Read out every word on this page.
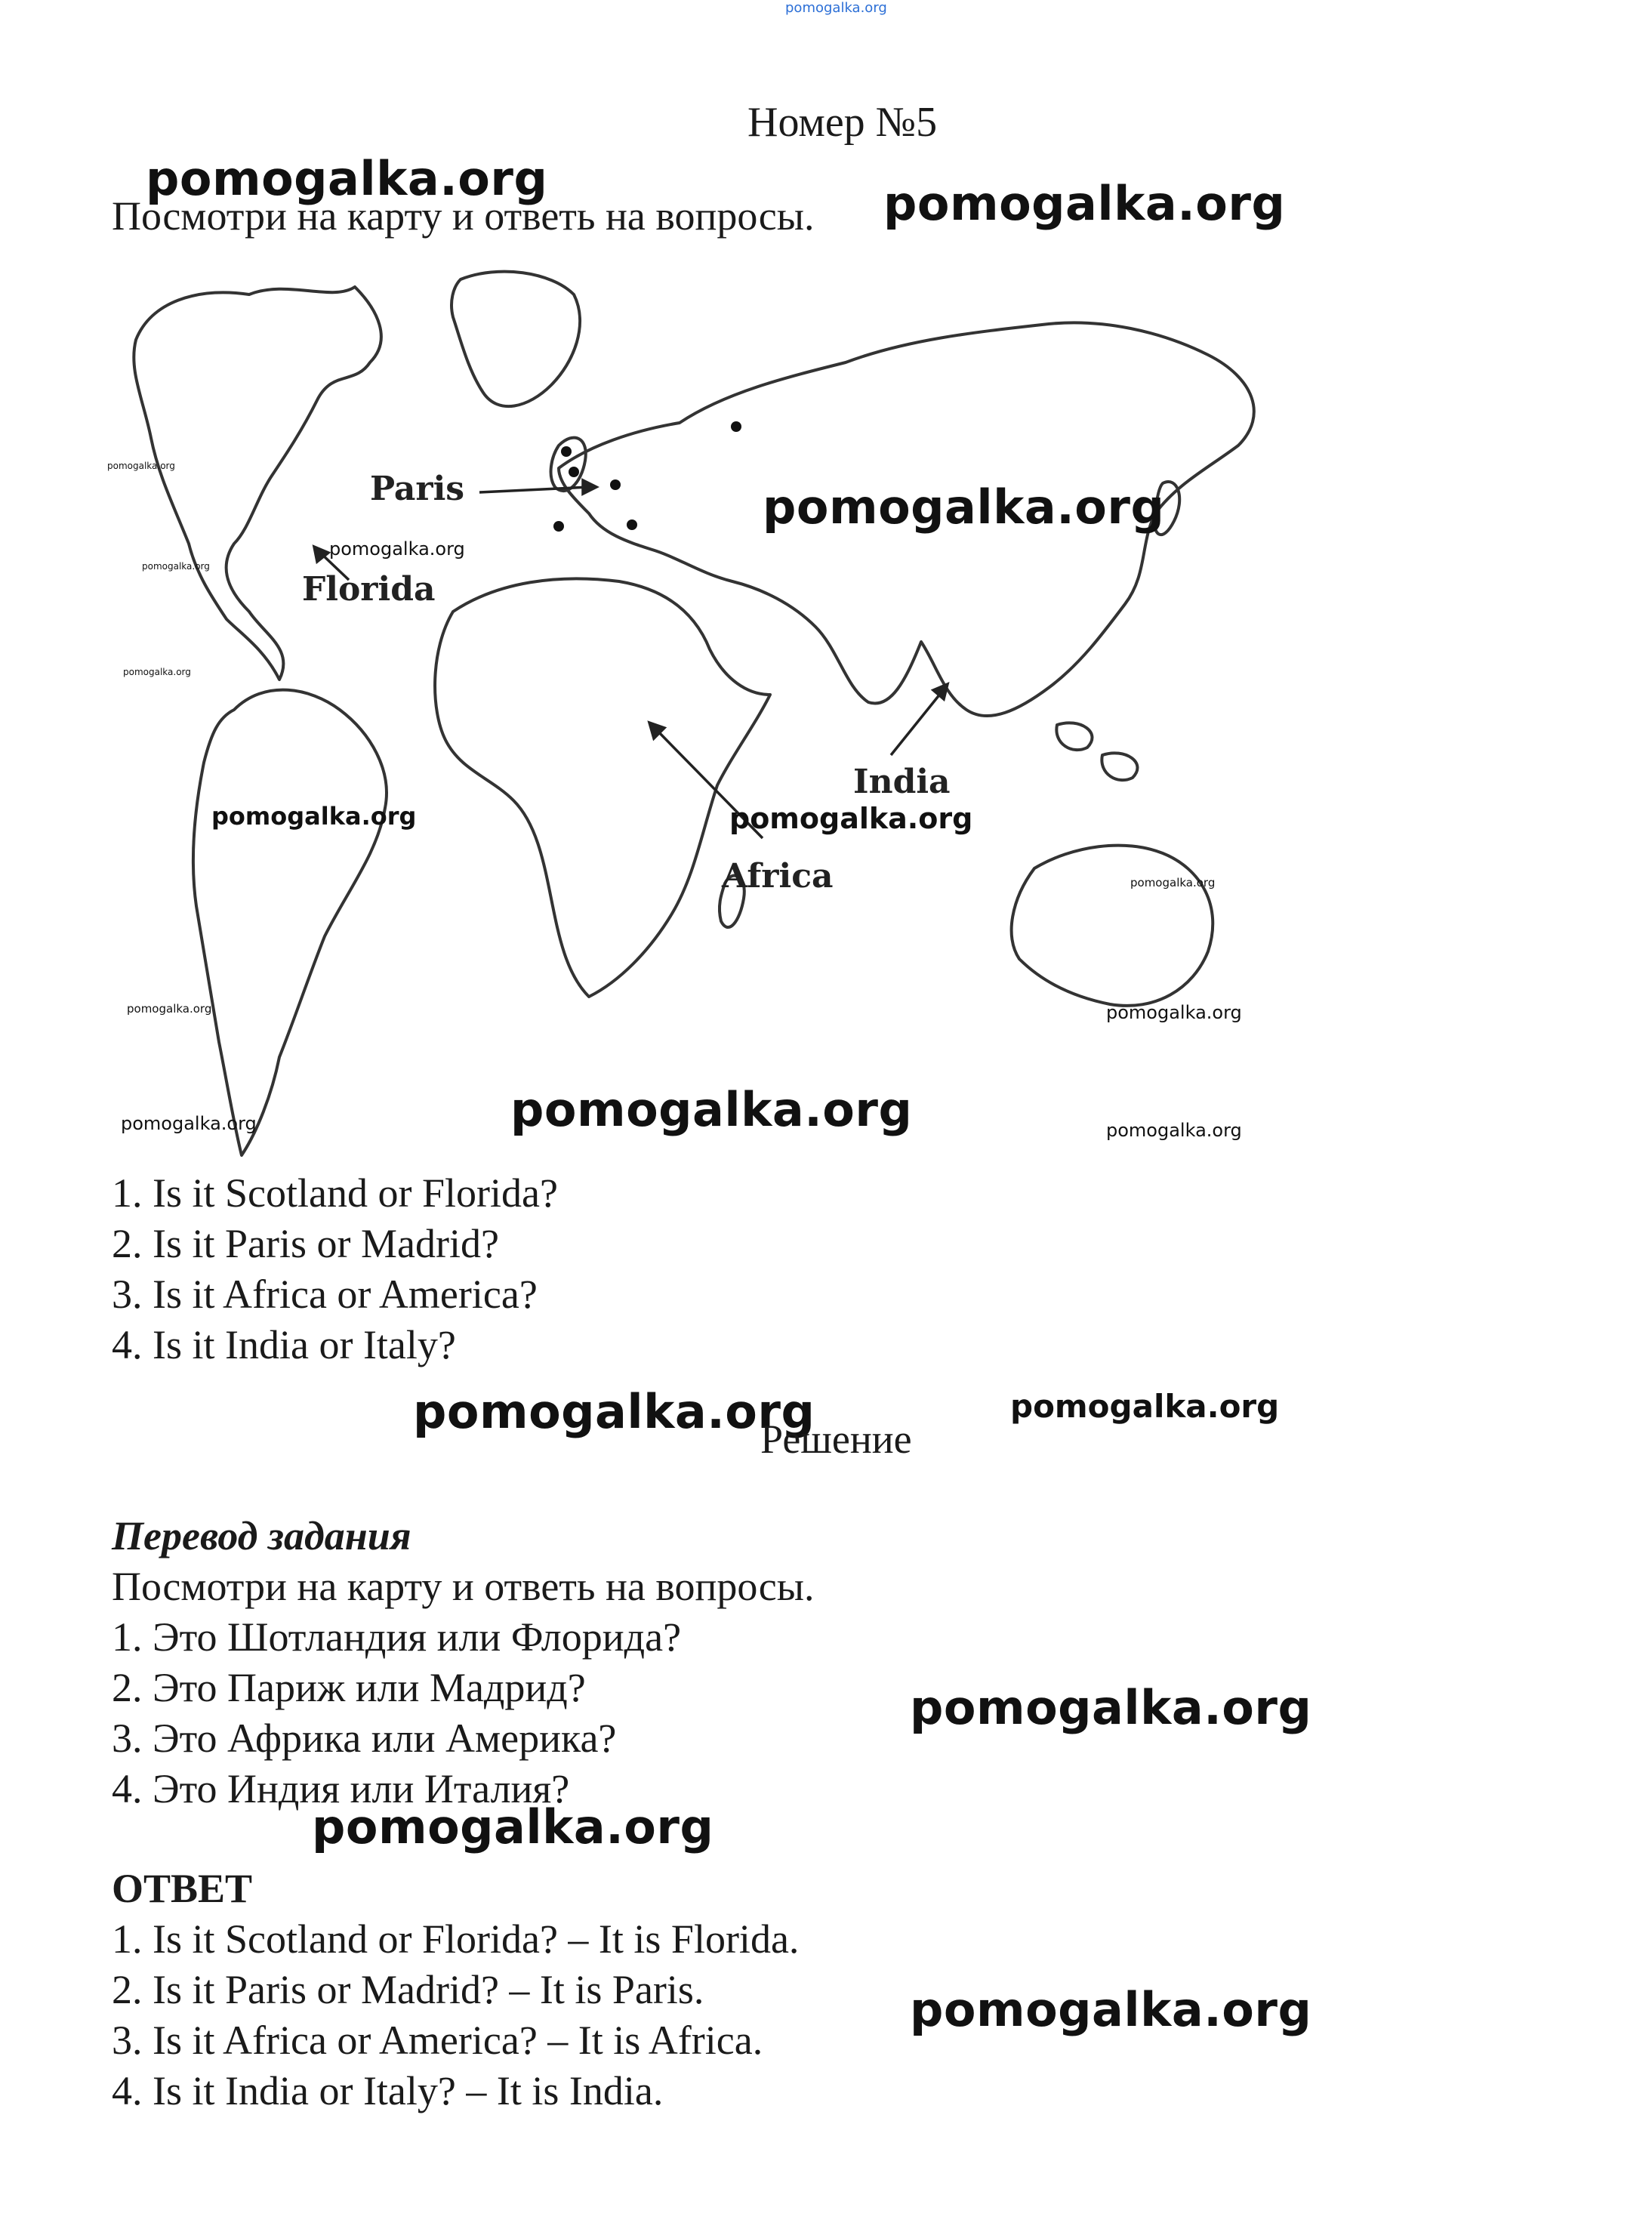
pomogalka.org
Номер №5
Посмотри на карту и ответь на вопросы.
Paris
Florida
Africa
India
pomogalka.org	pomogalka.org
pomogalka.org
pomogalka.org
pomogalka.org
pomogalka.org
pomogalka.org
pomogalka.org	pomogalka.org
pomogalka.org
pomogalka.org	pomogalka.org
pomogalka.org	pomogalka.org	pomogalka.org
1. Is it Scotland or Florida?
2. Is it Paris or Madrid?
3. Is it Africa or America?
4. Is it India or Italy?
pomogalka.org	pomogalka.org
Решение
Перевод задания
Посмотри на карту и ответь на вопросы.
1. Это Шотландия или Флорида?
2. Это Париж или Мадрид?
3. Это Африка или Америка?
4. Это Индия или Италия?
pomogalka.org
pomogalka.org
ОТВЕТ
1. Is it Scotland or Florida? – It is Florida.
2. Is it Paris or Madrid? – It is Paris.
3. Is it Africa or America? – It is Africa.
4. Is it India or Italy? – It is India.
pomogalka.org
